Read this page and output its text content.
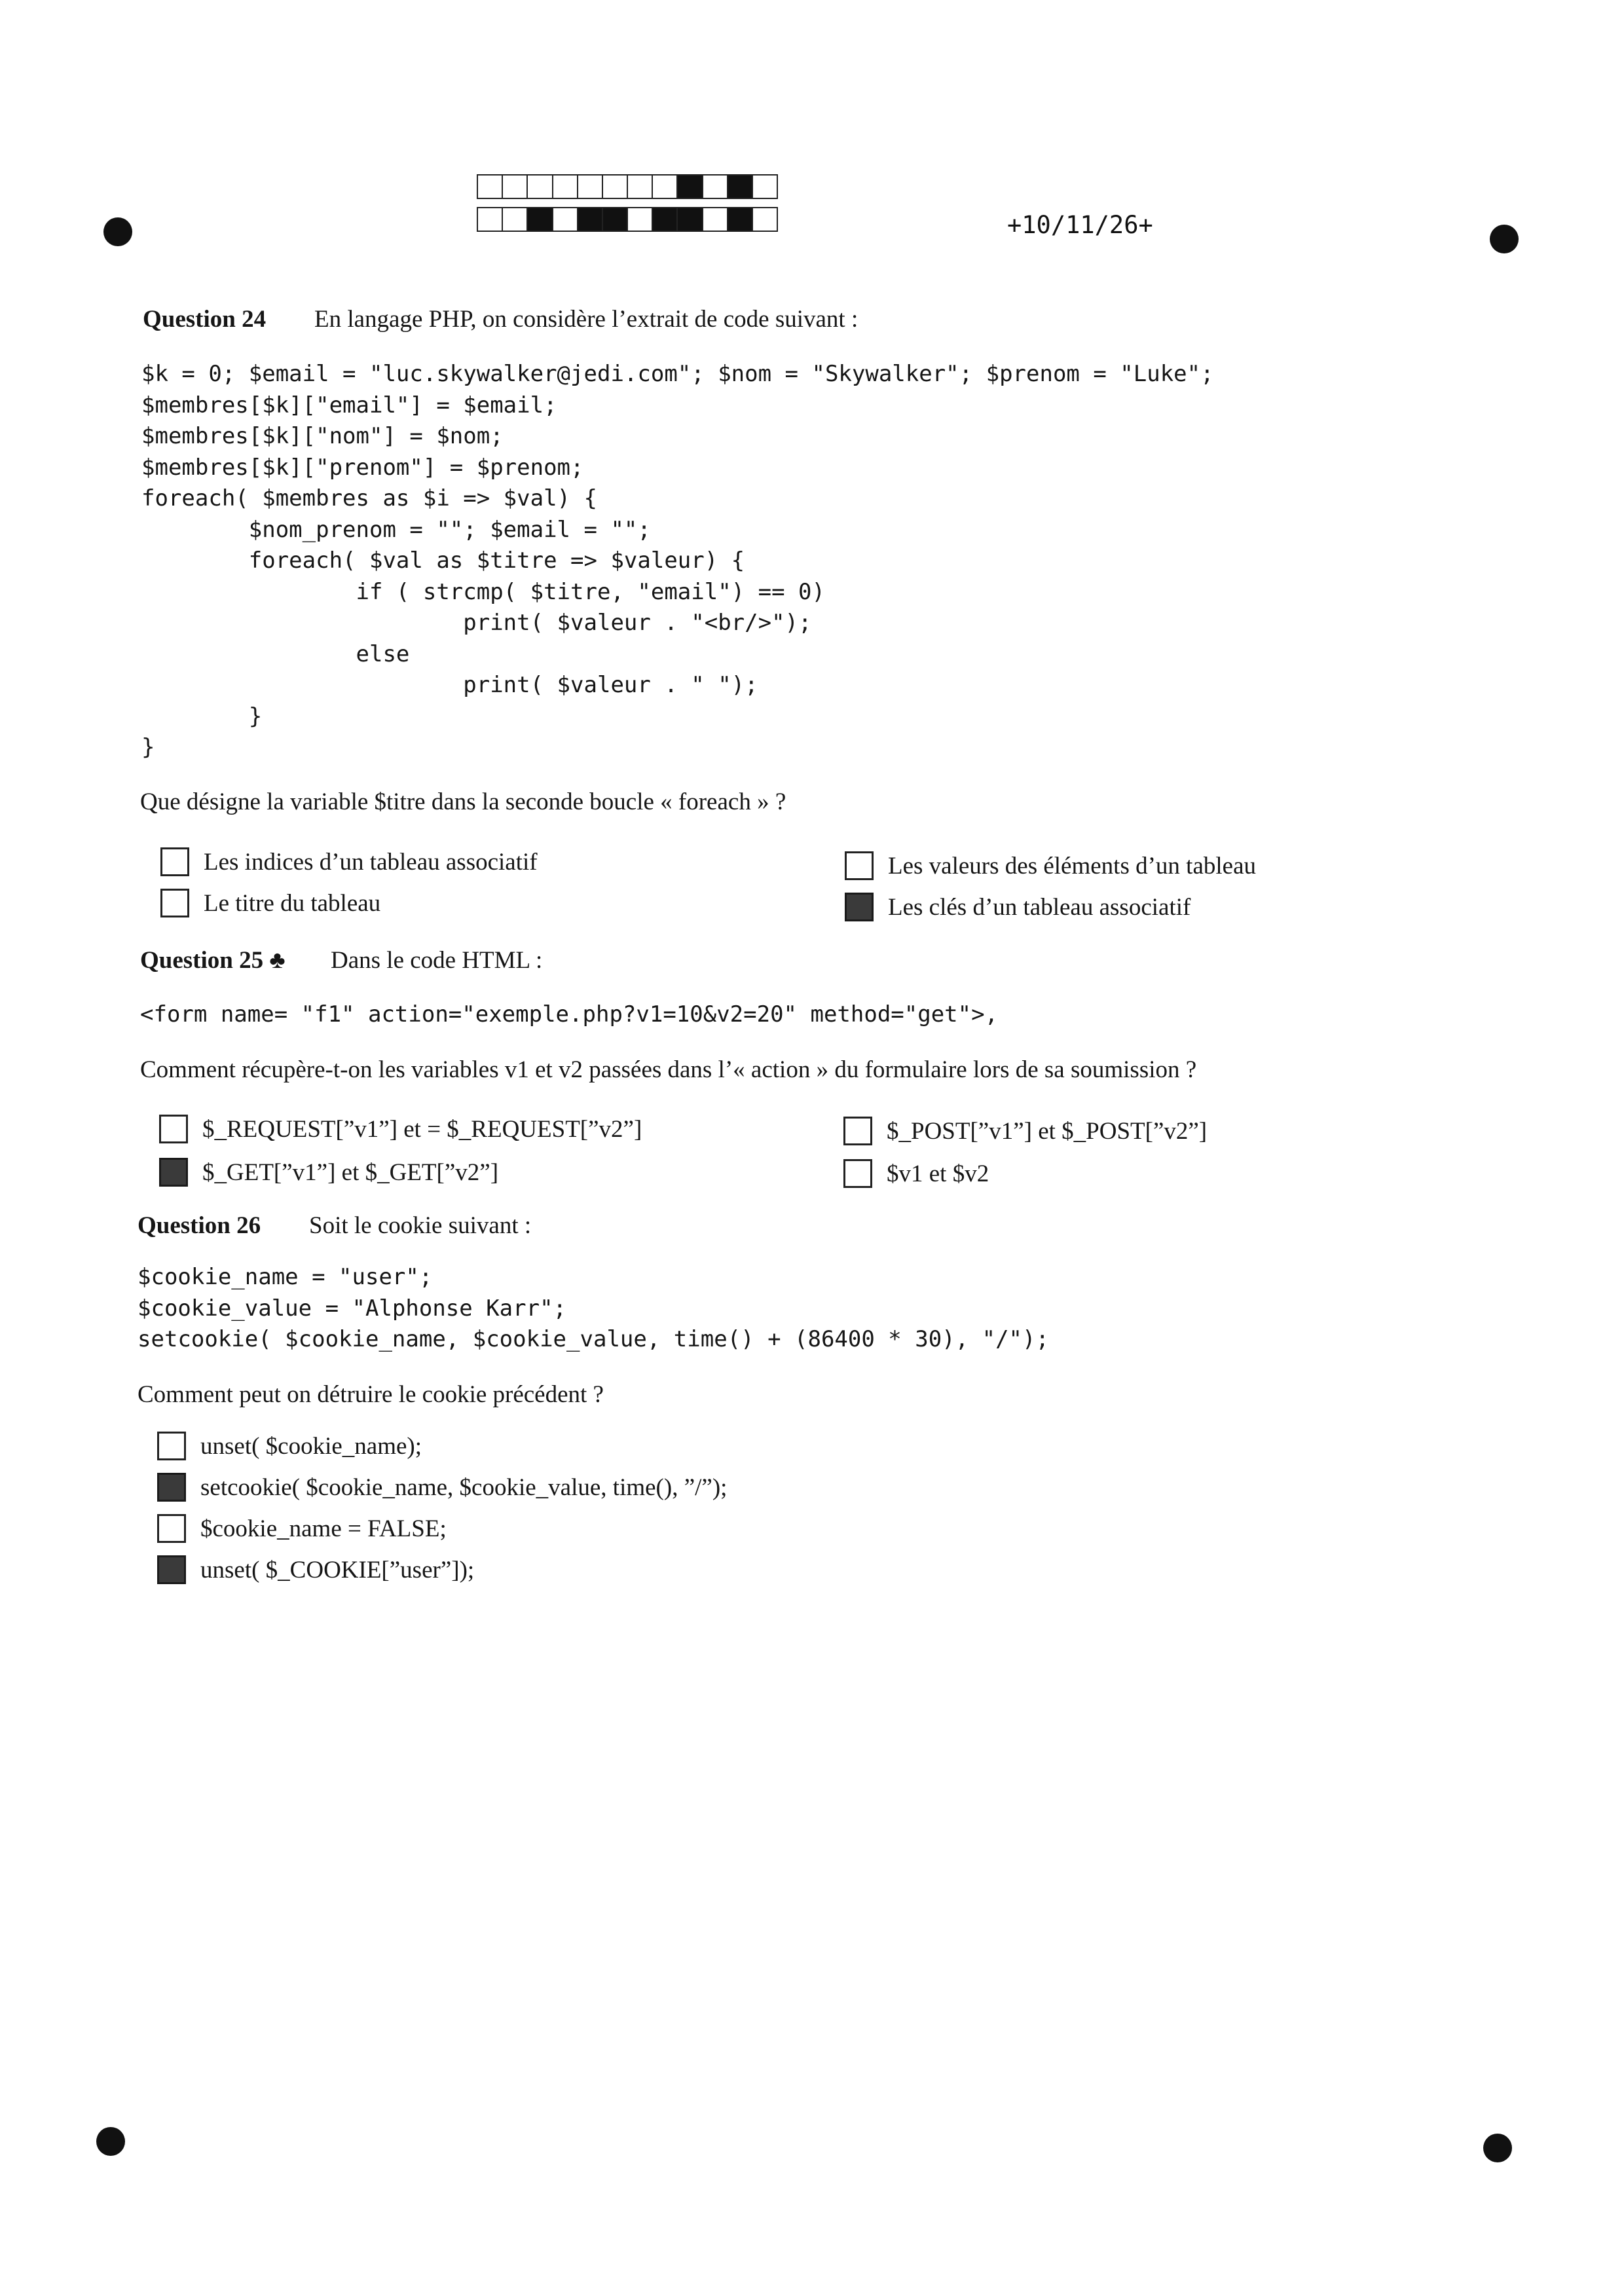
+10/11/26+
Question 24 En langage PHP, on considère l’extrait de code suivant :
$k = 0; $email = "luc.skywalker@jedi.com"; $nom = "Skywalker"; $prenom = "Luke";
$membres[$k]["email"] = $email;
$membres[$k]["nom"] = $nom;
$membres[$k]["prenom"] = $prenom;
foreach( $membres as $i => $val) {
$nom_prenom = ""; $email = "";
foreach( $val as $titre => $valeur) {
if ( strcmp( $titre, "email") == 0)
print( $valeur . "<br/>");
else
print( $valeur . " ");
}
}
Que désigne la variable $titre dans la seconde boucle « foreach » ?
Les indices d’un tableau associatif
Le titre du tableau
Les valeurs des éléments d’un tableau
Les clés d’un tableau associatif
Question 25 ♣ Dans le code HTML :
<form name= "f1" action="exemple.php?v1=10&v2=20" method="get">,
Comment récupère-t-on les variables v1 et v2 passées dans l’« action » du formulaire lors de sa soumission ?
$_REQUEST[”v1”] et = $_REQUEST[”v2”]
$_GET[”v1”] et $_GET[”v2”]
$_POST[”v1”] et $_POST[”v2”]
$v1 et $v2
Question 26 Soit le cookie suivant :
$cookie_name = "user";
$cookie_value = "Alphonse Karr";
setcookie( $cookie_name, $cookie_value, time() + (86400 * 30), "/");
Comment peut on détruire le cookie précédent ?
unset( $cookie_name);
setcookie( $cookie_name, $cookie_value, time(), ”/”);
$cookie_name = FALSE;
unset( $_COOKIE[”user”]);
